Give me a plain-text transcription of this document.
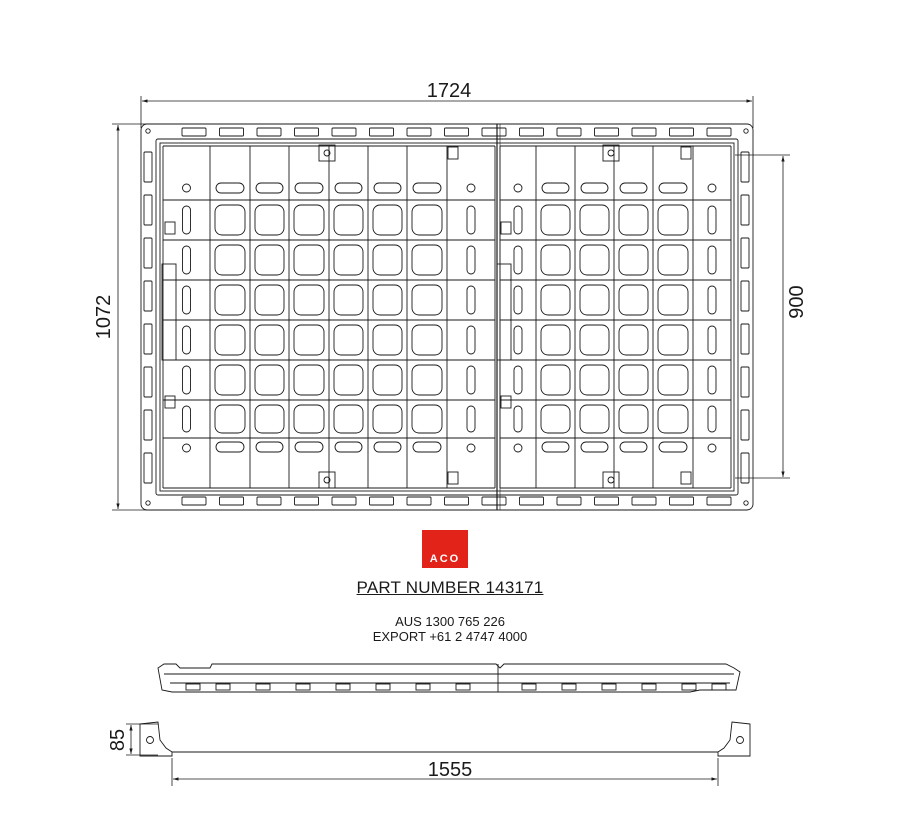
1724
1072	900
85
1555
ACO
PART NUMBER 143171
AUS 1300 765 226
EXPORT +61 2 4747 4000
